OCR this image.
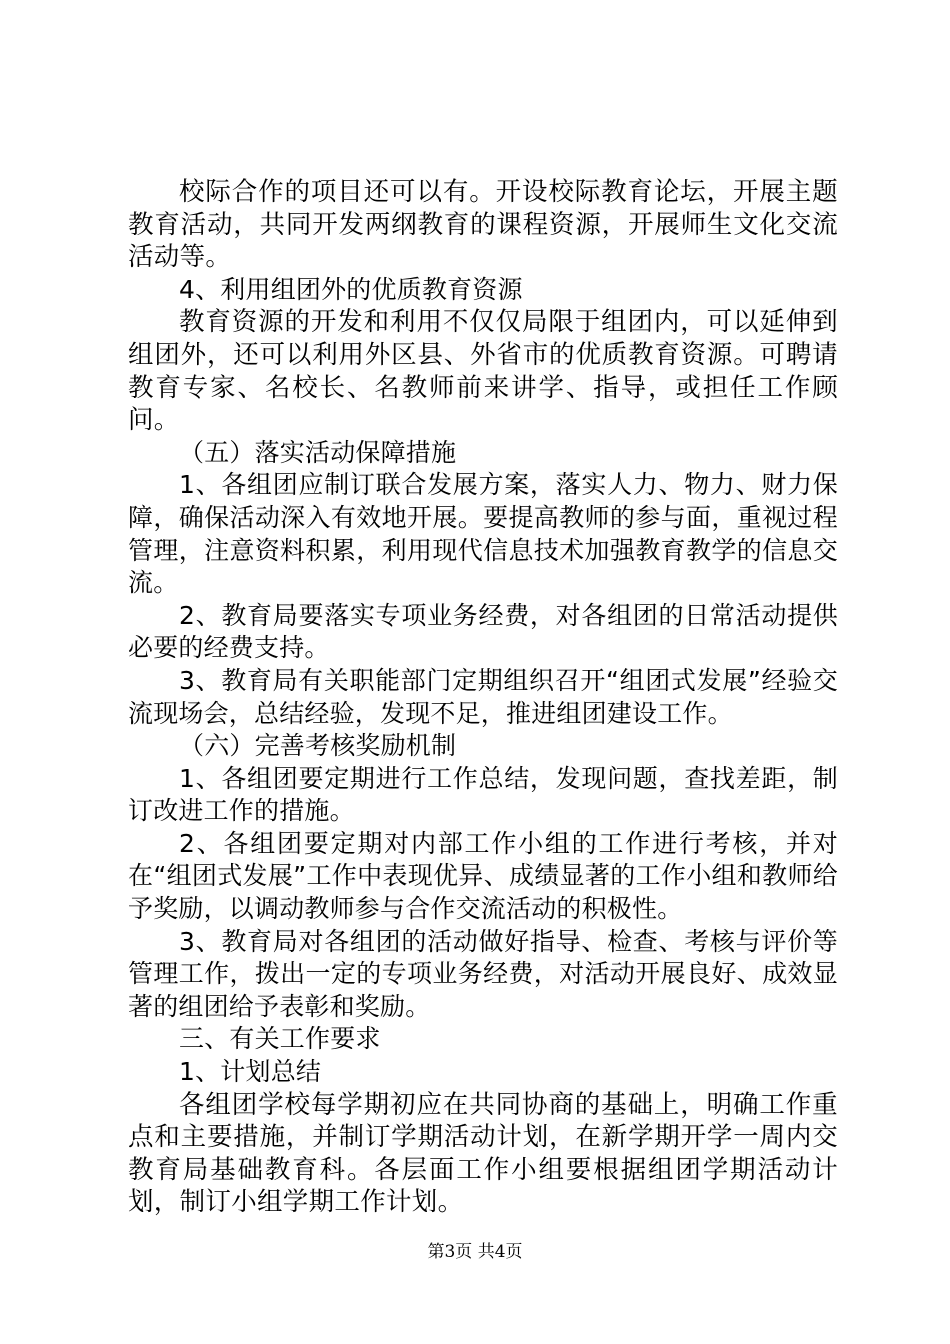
校际合作的项目还可以有。开设校际教育论坛，开展主题教育活动，共同开发两纲教育的课程资源，开展师生文化交流活动等。

4、利用组团外的优质教育资源

教育资源的开发和利用不仅仅局限于组团内，可以延伸到组团外，还可以利用外区县、外省市的优质教育资源。可聘请教育专家、名校长、名教师前来讲学、指导，或担任工作顾问。

（五）落实活动保障措施

1、各组团应制订联合发展方案，落实人力、物力、财力保障，确保活动深入有效地开展。要提高教师的参与面，重视过程管理，注意资料积累，利用现代信息技术加强教育教学的信息交流。

2、教育局要落实专项业务经费，对各组团的日常活动提供必要的经费支持。

3、教育局有关职能部门定期组织召开“组团式发展”经验交流现场会，总结经验，发现不足，推进组团建设工作。

（六）完善考核奖励机制

1、各组团要定期进行工作总结，发现问题，查找差距，制订改进工作的措施。

2、各组团要定期对内部工作小组的工作进行考核，并对在“组团式发展”工作中表现优异、成绩显著的工作小组和教师给予奖励，以调动教师参与合作交流活动的积极性。

3、教育局对各组团的活动做好指导、检查、考核与评价等管理工作，拨出一定的专项业务经费，对活动开展良好、成效显著的组团给予表彰和奖励。

三、有关工作要求

1、计划总结

各组团学校每学期初应在共同协商的基础上，明确工作重点和主要措施，并制订学期活动计划，在新学期开学一周内交教育局基础教育科。各层面工作小组要根据组团学期活动计划，制订小组学期工作计划。

第3页 共4页
